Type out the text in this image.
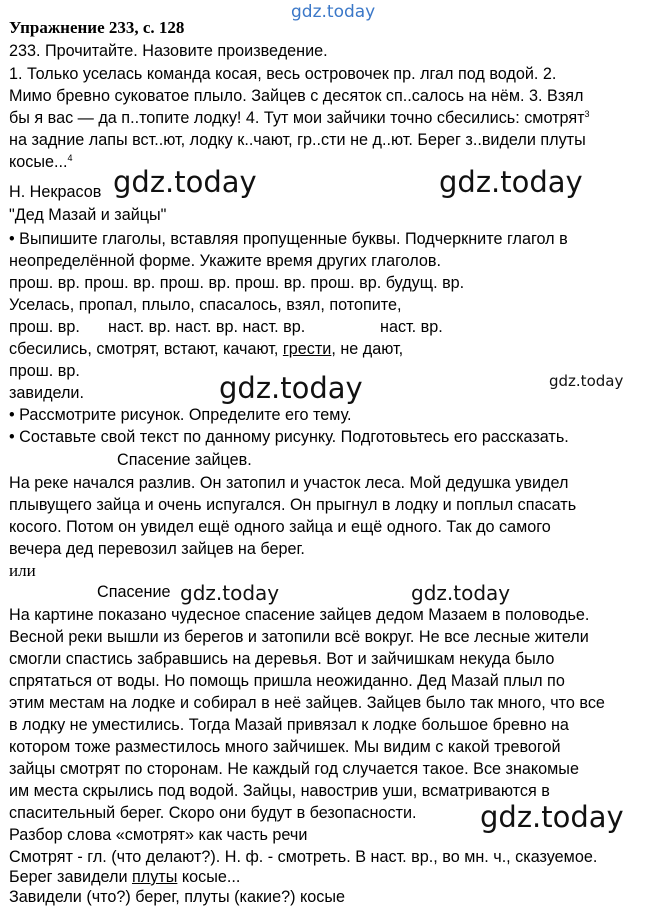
gdz.today
Упражнение 233, с. 128
233. Прочитайте. Назовите произведение.
1. Только уселась команда косая, весь островочек пр. лгал под водой. 2.
Мимо бревно суковатое плыло. Зайцев с десяток сп..салось на нём. 3. Взял
бы я вас — да п..топите лодку! 4. Тут мои зайчики точно сбесились: смотрят$^3$
на задние лапы вст..ют, лодку к..чают, гр..сти не д..ют. Берег з..видели плуты
косые...$^4$
Н. Некрасов gdz.today	gdz.today
"Дед Мазай и зайцы"
• Выпишите глаголы, вставляя пропущенные буквы. Подчеркните глагол в
неопределённой форме. Укажите время других глаголов.
прош. вр. прош. вр. прош. вр. прош. вр. прош. вр. будущ. вр.
Уселась, пропал, плыло, спасалось, взял, потопите,
прош. вр. наст. вр. наст. вр. наст. вр.	наст. вр.
сбесились, смотрят, встают, качают, грести, не дают,
прош. вр.
завидели.	gdz.today	gdz.today
• Рассмотрите рисунок. Определите его тему.
• Составьте свой текст по данному рисунку. Подготовьтесь его рассказать.
Спасение зайцев.
На реке начался разлив. Он затопил и участок леса. Мой дедушка увидел
плывущего зайца и очень испугался. Он прыгнул в лодку и поплыл спасать
косого. Потом он увидел ещё одного зайца и ещё одного. Так до самого
вечера дед перевозил зайцев на берег.
или
Спасение gdz.today	gdz.today
На картине показано чудесное спасение зайцев дедом Мазаем в половодье.
Весной реки вышли из берегов и затопили всё вокруг. Не все лесные жители
смогли спастись забравшись на деревья. Вот и зайчишкам некуда было
спрятаться от воды. Но помощь пришла неожиданно. Дед Мазай плыл по
этим местам на лодке и собирал в неё зайцев. Зайцев было так много, что все
в лодку не уместились. Тогда Мазай привязал к лодке большое бревно на
котором тоже разместилось много зайчишек. Мы видим с какой тревогой
зайцы смотрят по сторонам. Не каждый год случается такое. Все знакомые
им места скрылись под водой. Зайцы, навострив уши, всматриваются в
спасительный берег. Скоро они будут в безопасности. gdz.today
Разбор слова «смотрят» как часть речи
Смотрят - гл. (что делают?). Н. ф. - смотреть. В наст. вр., во мн. ч., сказуемое.
Берег завидели плуты косые...
Завидели (что?) берег, плуты (какие?) косые
